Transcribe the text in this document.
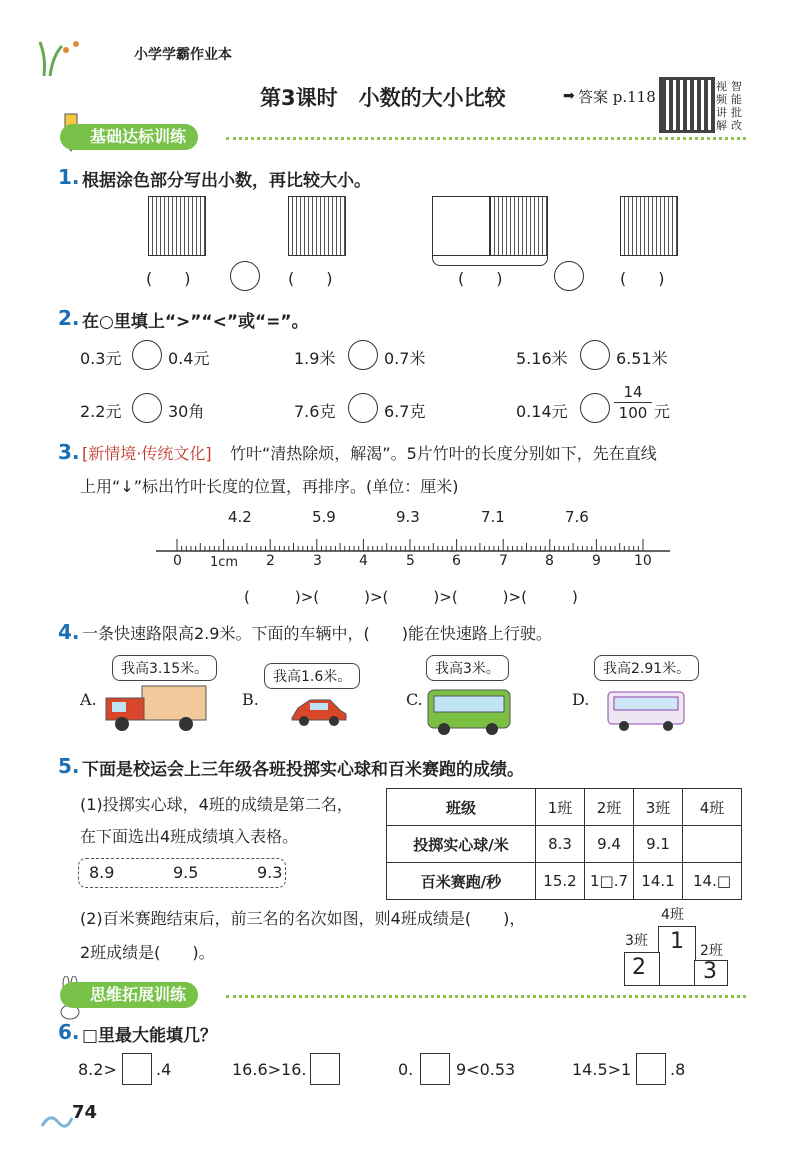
小学学霸作业本
第3课时　小数的大小比较	➡ 答案 p.118
视 智
频 能
讲 批
解 改
基础达标训练
1. 根据涂色部分写出小数，再比较大小。
(　　)	(　　)	(　　)	(　　)
2. 在○里填上“>”“<”或“=”。
0.3元	0.4元	1.9米	0.7米	5.16米	6.51米
2.2元	30角	7.6克	6.7克	0.14元
14
100 元
3. [新情境·传统文化] 竹叶“清热除烦，解渴”。5片竹叶的长度分别如下，先在直线
上用“↓”标出竹叶长度的位置，再排序。(单位：厘米)
4.2	5.9	9.3	7.1	7.6
0 1cm 2	3	4	5	6	7	8	9 10
(　　　)>(　　　)>(　　　)>(　　　)>(　　　)
4. 一条快速路限高2.9米。下面的车辆中，(　　)能在快速路上行驶。
我高3.15米。
A.
我高1.6米。
B.
我高3米。
C.
我高2.91米。
D.
5. 下面是校运会上三年级各班投掷实心球和百米赛跑的成绩。
(1)投掷实心球，4班的成绩是第二名，
在下面选出4班成绩填入表格。
8.9	9.5	9.3
班级	1班	2班	3班	4班
投掷实心球/米	8.3	9.4	9.1	
百米赛跑/秒	15.2	1□.7	14.1	14.□
(2)百米赛跑结束后，前三名的名次如图，则4班成绩是(　　)，
2班成绩是(　　)。
4班
3班
2班
1
2	3
思维拓展训练
6. □里最大能填几？
8.2> .4	16.6>16.	0.	9<0.53	14.5>1 .8
74
